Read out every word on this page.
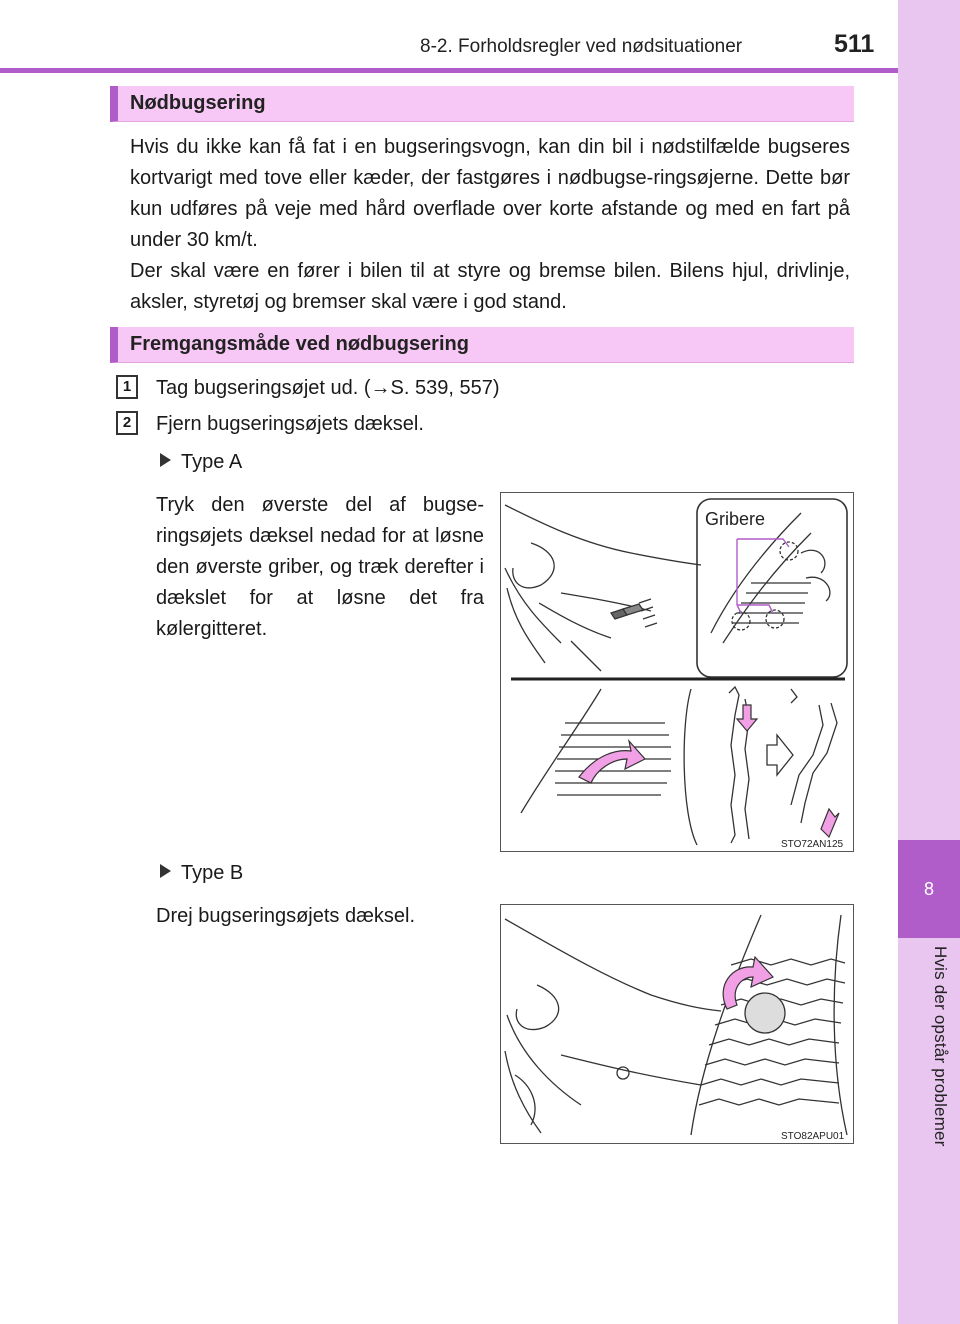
8-2. Forholdsregler ved nødsituationer	511
8
Hvis der opstår problemer
Nødbugsering

Hvis du ikke kan få fat i en bugseringsvogn, kan din bil i nødstilfælde bugseres kortvarigt med tove eller kæder, der fastgøres i nødbugse-ringsøjerne. Dette bør kun udføres på veje med hård overflade over korte afstande og med en fart på under 30 km/t.

Der skal være en fører i bilen til at styre og bremse bilen. Bilens hjul, drivlinje, aksler, styretøj og bremser skal være i god stand.

Fremgangsmåde ved nødbugsering
1	Tag bugseringsøjet ud. (→S. 539, 557)
2	Fjern bugseringsøjets dæksel.
Type A

Tryk den øverste del af bugse-ringsøjets dæksel nedad for at løsne den øverste griber, og træk derefter i dækslet for at løsne det fra kølergitteret.

Gribere
STO72AN125
Type B

Drej bugseringsøjets dæksel.

STO82APU01
